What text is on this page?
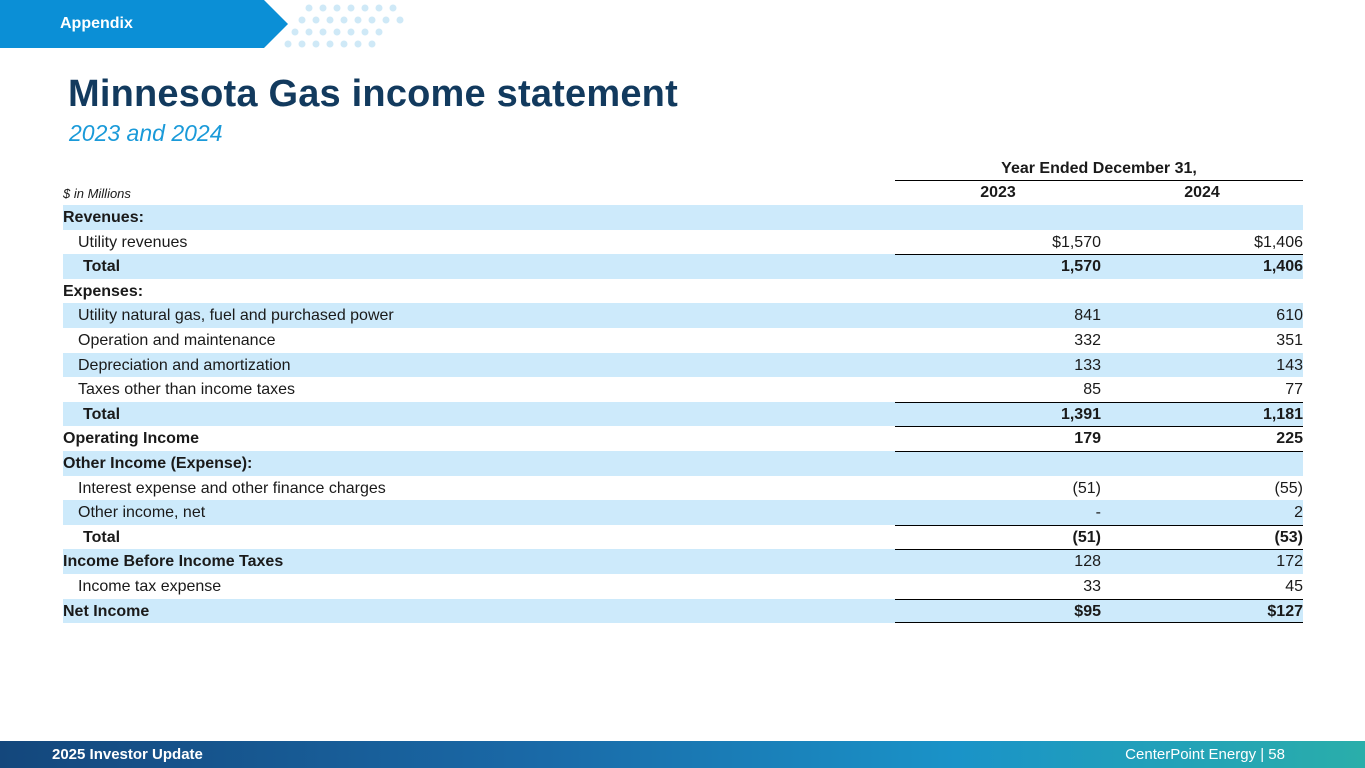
Appendix
Minnesota Gas income statement
2023 and 2024
Year Ended December 31,
$ in Millions	2023	2024
Revenues:
Utility revenues	$1,570	$1,406
Total	1,570	1,406
Expenses:
Utility natural gas, fuel and purchased power	841	610
Operation and maintenance	332	351
Depreciation and amortization	133	143
Taxes other than income taxes	85	77
Total	1,391	1,181
Operating Income	179	225
Other Income (Expense):
Interest expense and other finance charges	(51)	(55)
Other income, net	-	2
Total	(51)	(53)
Income Before Income Taxes	128	172
Income tax expense	33	45
Net Income	$95	$127
2025 Investor Update	CenterPoint Energy | 58
